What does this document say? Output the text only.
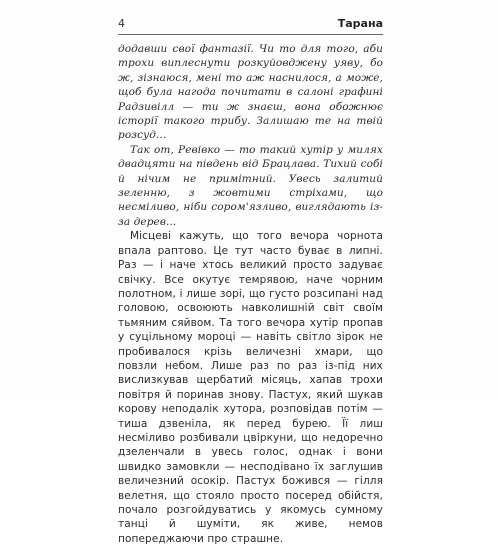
4	Тарана

додавши свої фантазії. Чи то для того, аби трохи виплеснути розкуйовджену уяву, бо ж, зізнаюся, мені то аж наснилося, а може, щоб була нагода почитати в салоні графині Радзивілл — ти ж знаєш, вона обожнює історії такого трибу. Залишаю те на твій розсуд...

Так от, Ревівко — то такий хутір у милях двадцяти на південь від Брацлава. Тихий собі й нічим не примітний. Увесь залитий зеленню, з жовтими стріхами, що несміливо, ніби сором'язливо, виглядають із-за дерев...

Місцеві кажуть, що того вечора чорнота впала раптово. Це тут часто буває в липні. Раз — і наче хтось великий просто задуває свічку. Все окутує темрявою, наче чорним полотном, і лише зорі, що густо розсипані над головою, освоюють навколишній світ своїм тьмяним сяйвом. Та того вечора хутір пропав у суцільному мороці — навіть світло зірок не пробивалося крізь величезні хмари, що повзли небом. Лише раз по раз із-під них вислизкував щербатий місяць, хапав трохи повітря й поринав знову. Пастух, який шукав корову неподалік хутора, розповідав потім — тиша дзвеніла, як перед бурею. Її лиш несміливо розбивали цвіркуни, що недоречно дзеленчали в увесь голос, однак і вони швидко замовкли — несподівано їх заглушив величезний осокір. Пастух божився — гілля велетня, що стояло просто посеред обійстя, почало розгойдуватись у якомусь сумному танці й шуміти, як живе, немов попереджаючи про страшне.
